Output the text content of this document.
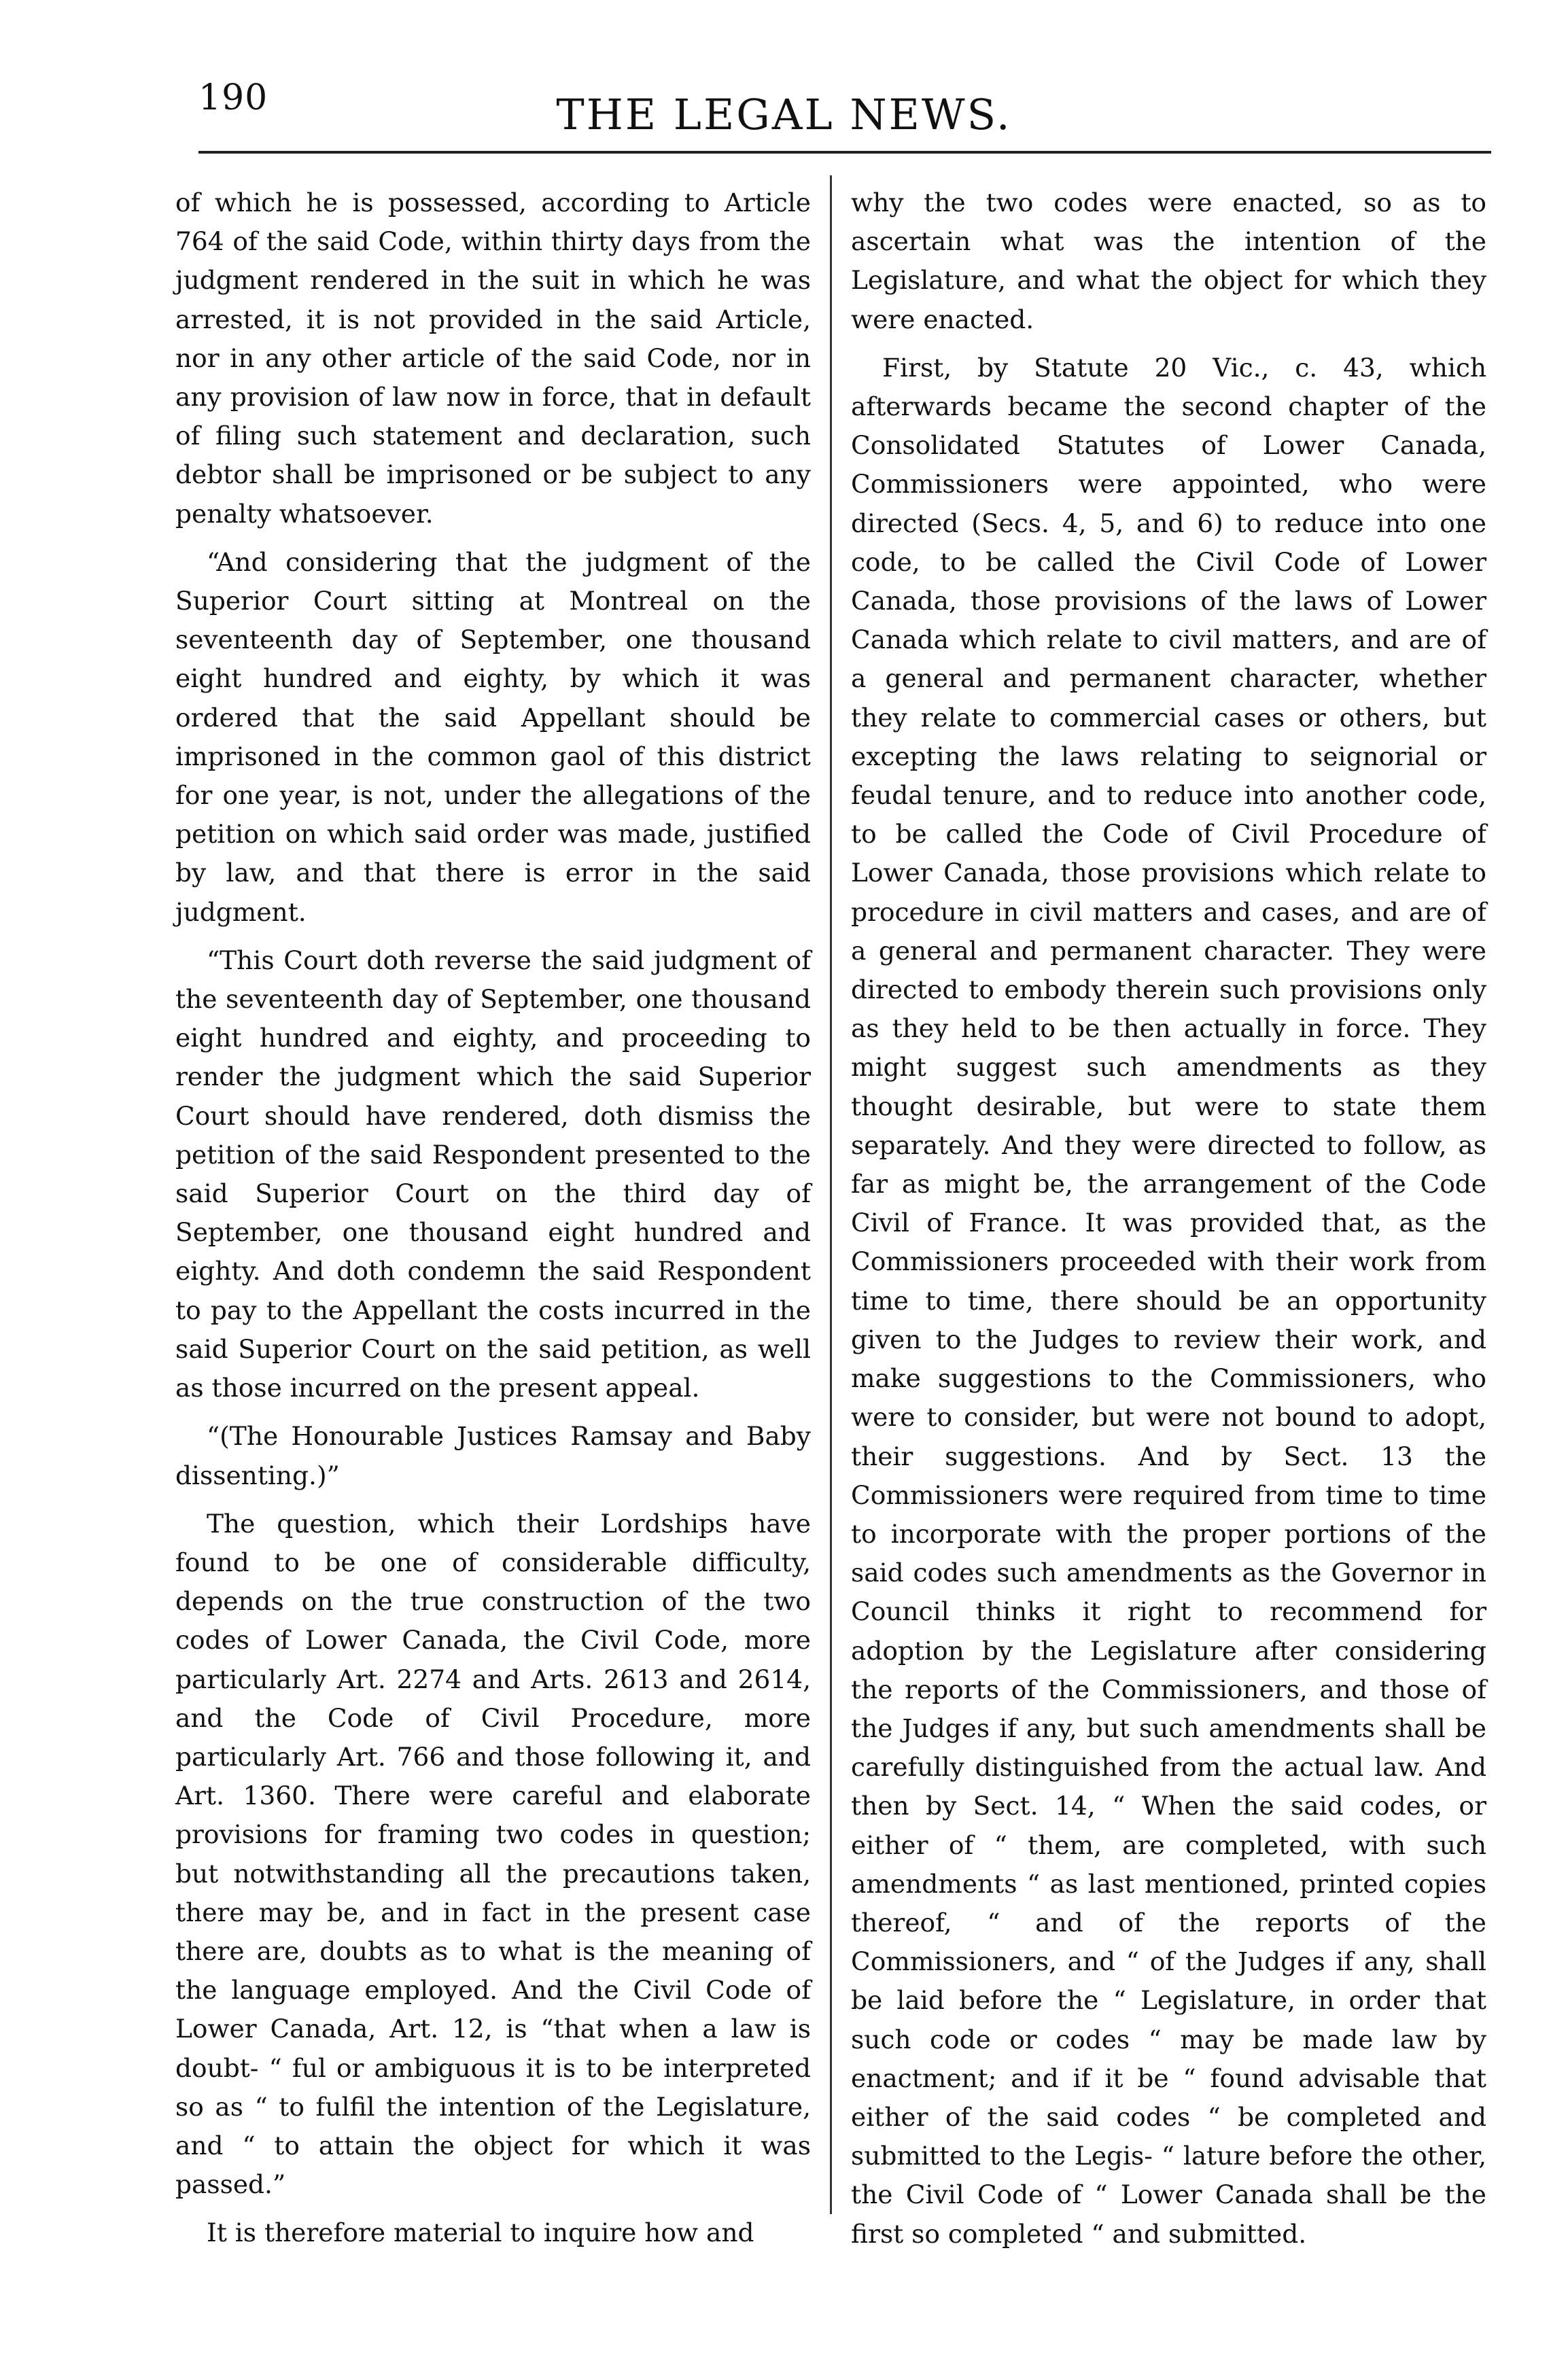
190	THE LEGAL NEWS.

of which he is possessed, according to Article 764 of the said Code, within thirty days from the judgment rendered in the suit in which he was arrested, it is not provided in the said Article, nor in any other article of the said Code, nor in any provision of law now in force, that in default of filing such statement and declaration, such debtor shall be imprisoned or be subject to any penalty whatsoever.

“And considering that the judgment of the Superior Court sitting at Montreal on the seventeenth day of September, one thousand eight hundred and eighty, by which it was ordered that the said Appellant should be imprisoned in the common gaol of this district for one year, is not, under the allegations of the petition on which said order was made, justified by law, and that there is error in the said judgment.

“This Court doth reverse the said judgment of the seventeenth day of September, one thousand eight hundred and eighty, and proceeding to render the judgment which the said Superior Court should have rendered, doth dismiss the petition of the said Respondent presented to the said Superior Court on the third day of September, one thousand eight hundred and eighty. And doth condemn the said Respondent to pay to the Appellant the costs incurred in the said Superior Court on the said petition, as well as those incurred on the present appeal.

“(The Honourable Justices Ramsay and Baby dissenting.)”

The question, which their Lordships have found to be one of considerable difficulty, depends on the true construction of the two codes of Lower Canada, the Civil Code, more particularly Art. 2274 and Arts. 2613 and 2614, and the Code of Civil Procedure, more particularly Art. 766 and those following it, and Art. 1360. There were careful and elaborate provisions for framing two codes in question; but notwithstanding all the precautions taken, there may be, and in fact in the present case there are, doubts as to what is the meaning of the language employed. And the Civil Code of Lower Canada, Art. 12, is “that when a law is doubt- “ ful or ambiguous it is to be interpreted so as “ to fulfil the intention of the Legislature, and “ to attain the object for which it was passed.”

It is therefore material to inquire how and

why the two codes were enacted, so as to ascertain what was the intention of the Legislature, and what the object for which they were enacted.

First, by Statute 20 Vic., c. 43, which afterwards became the second chapter of the Consolidated Statutes of Lower Canada, Commissioners were appointed, who were directed (Secs. 4, 5, and 6) to reduce into one code, to be called the Civil Code of Lower Canada, those provisions of the laws of Lower Canada which relate to civil matters, and are of a general and permanent character, whether they relate to commercial cases or others, but excepting the laws relating to seignorial or feudal tenure, and to reduce into another code, to be called the Code of Civil Procedure of Lower Canada, those provisions which relate to procedure in civil matters and cases, and are of a general and permanent character. They were directed to embody therein such provisions only as they held to be then actually in force. They might suggest such amendments as they thought desirable, but were to state them separately. And they were directed to follow, as far as might be, the arrangement of the Code Civil of France. It was provided that, as the Commissioners proceeded with their work from time to time, there should be an opportunity given to the Judges to review their work, and make suggestions to the Commissioners, who were to consider, but were not bound to adopt, their suggestions. And by Sect. 13 the Commissioners were required from time to time to incorporate with the proper portions of the said codes such amendments as the Governor in Council thinks it right to recommend for adoption by the Legislature after considering the reports of the Commissioners, and those of the Judges if any, but such amendments shall be carefully distinguished from the actual law. And then by Sect. 14, “ When the said codes, or either of “ them, are completed, with such amendments “ as last mentioned, printed copies thereof, “ and of the reports of the Commissioners, and “ of the Judges if any, shall be laid before the “ Legislature, in order that such code or codes “ may be made law by enactment; and if it be “ found advisable that either of the said codes “ be completed and submitted to the Legis- “ lature before the other, the Civil Code of “ Lower Canada shall be the first so completed “ and submitted.
